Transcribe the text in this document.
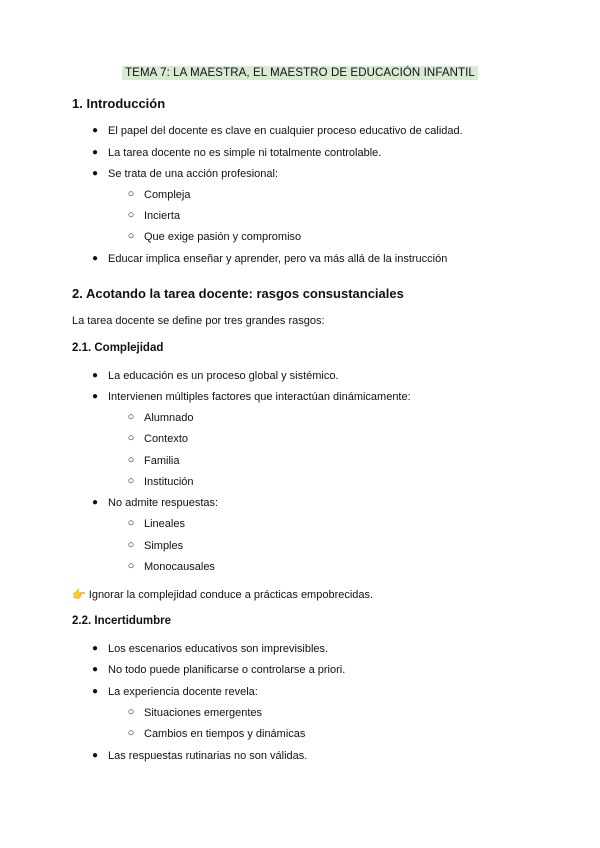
TEMA 7: LA MAESTRA, EL MAESTRO DE EDUCACIÓN INFANTIL
1. Introducción
● El papel del docente es clave en cualquier proceso educativo de calidad.
● La tarea docente no es simple ni totalmente controlable.
● Se trata de una acción profesional:
○ Compleja
○ Incierta
○ Que exige pasión y compromiso
● Educar implica enseñar y aprender, pero va más allá de la instrucción
2. Acotando la tarea docente: rasgos consustanciales
La tarea docente se define por tres grandes rasgos:
2.1. Complejidad
● La educación es un proceso global y sistémico.
● Intervienen múltiples factores que interactúan dinámicamente:
○ Alumnado
○ Contexto
○ Familia
○ Institución
● No admite respuestas:
○ Lineales
○ Simples
○ Monocausales
👉 Ignorar la complejidad conduce a prácticas empobrecidas.
2.2. Incertidumbre
● Los escenarios educativos son imprevisibles.
● No todo puede planificarse o controlarse a priori.
● La experiencia docente revela:
○ Situaciones emergentes
○ Cambios en tiempos y dinámicas
● Las respuestas rutinarias no son válidas.
